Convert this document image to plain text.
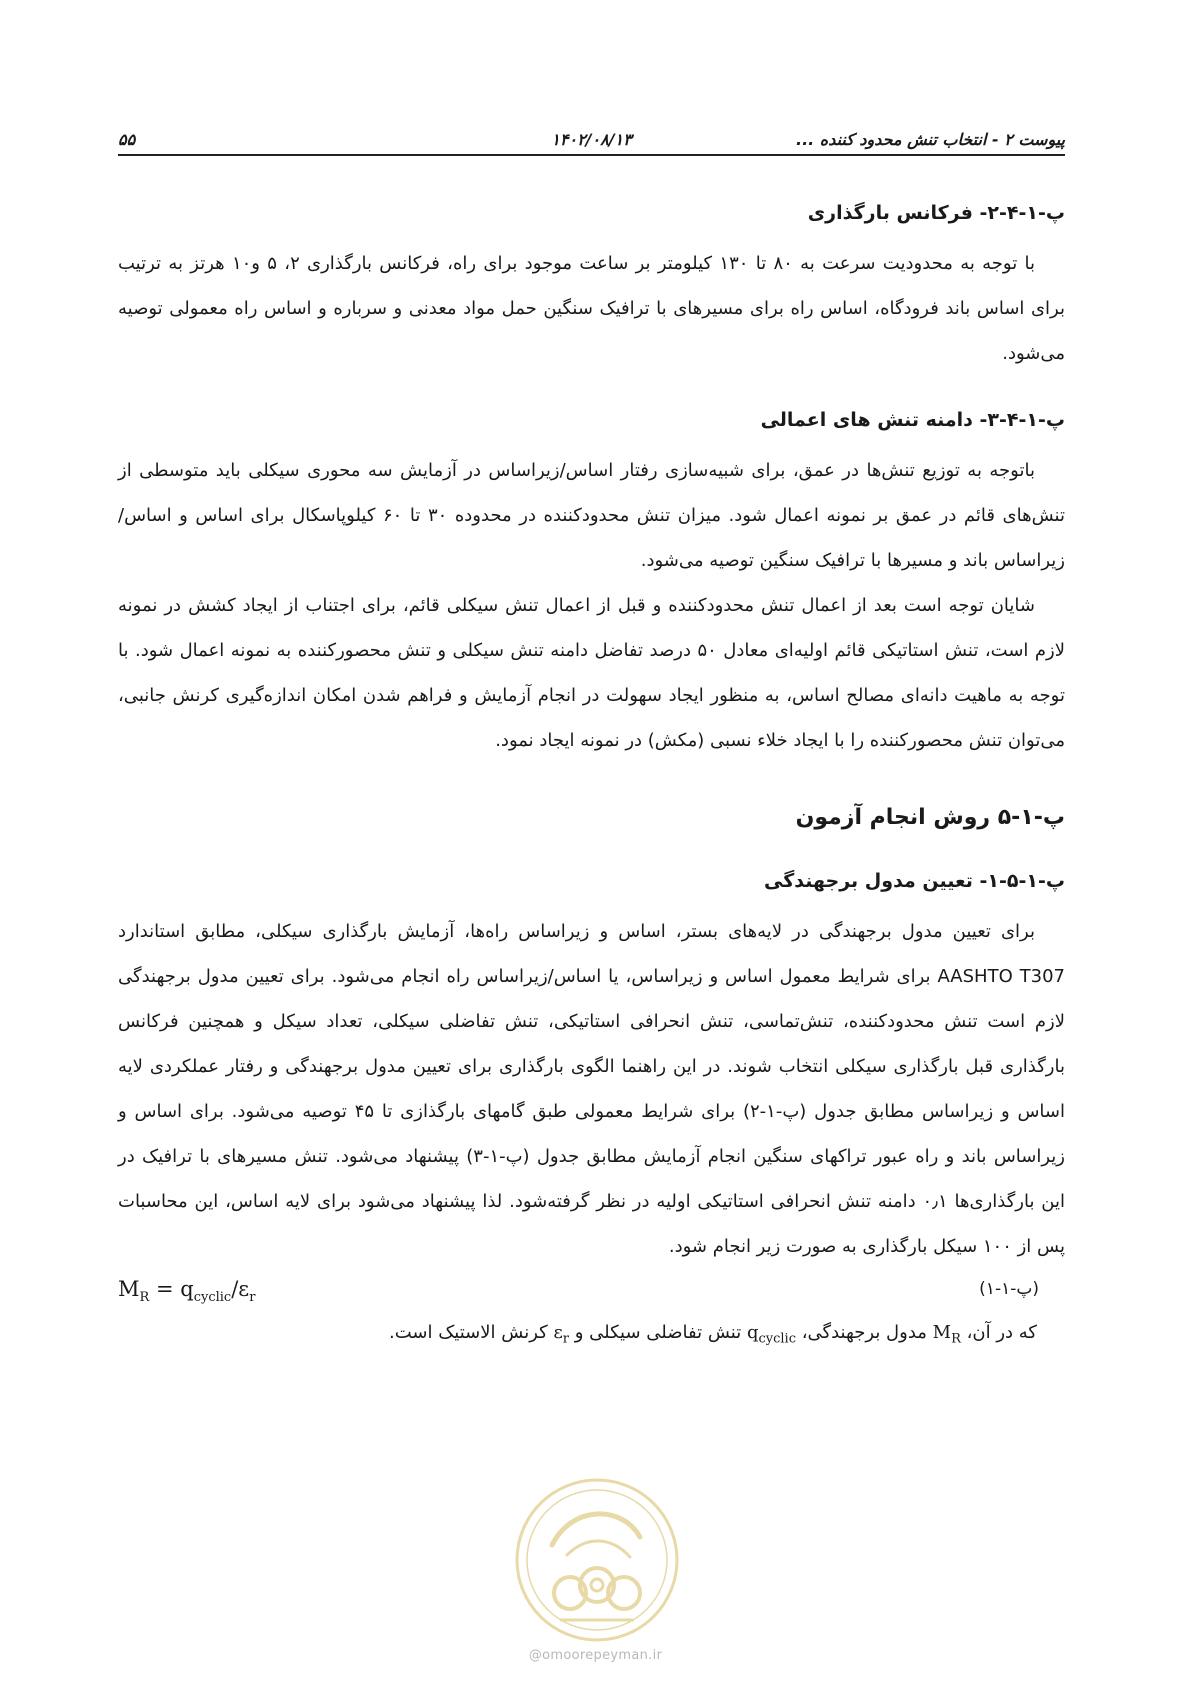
پیوست ۲ - انتخاب تنش محدود کننده ...
۱۴۰۲/۰۸/۱۳
۵۵
پ-۱-۴-۲- فرکانس بارگذاری

با توجه به محدودیت سرعت به ۸۰ تا ۱۳۰ کیلومتر بر ساعت موجود برای راه، فرکانس بارگذاری ۲، ۵ و۱۰ هرتز به ترتیب برای اساس باند فرودگاه، اساس راه برای مسیرهای با ترافیک سنگین حمل مواد معدنی و سرباره و اساس راه معمولی توصیه می‌شود.

پ-۱-۴-۳- دامنه تنش های اعمالی

باتوجه به توزیع تنش‌ها در عمق، برای شبیه‌سازی رفتار اساس/زیراساس در آزمایش سه محوری سیکلی باید متوسطی از تنش‌های قائم در عمق بر نمونه اعمال شود. میزان تنش محدودکننده در محدوده ۳۰ تا ۶۰ کیلوپاسکال برای اساس و اساس/زیراساس باند و مسیرها با ترافیک سنگین توصیه می‌شود.

شایان توجه است بعد از اعمال تنش محدودکننده و قبل از اعمال تنش سیکلی قائم، برای اجتناب از ایجاد کشش در نمونه لازم است، تنش استاتیکی قائم اولیه‌ای معادل ۵۰ درصد تفاضل دامنه تنش سیکلی و تنش محصورکننده به نمونه اعمال شود. با توجه به ماهیت دانه‌ای مصالح اساس، به منظور ایجاد سهولت در انجام آزمایش و فراهم شدن امکان اندازه‌گیری کرنش جانبی، می‌توان تنش محصورکننده را با ایجاد خلاء نسبی (مکش) در نمونه ایجاد نمود.

پ-۱-۵ روش انجام آزمون
پ-۱-۵-۱- تعیین مدول برجهندگی

برای تعیین مدول برجهندگی در لایه‌های بستر، اساس و زیراساس راه‌ها، آزمایش بارگذاری سیکلی، مطابق استاندارد AASHTO T307 برای شرایط معمول اساس و زیراساس، یا اساس/زیراساس راه انجام می‌شود. برای تعیین مدول برجهندگی لازم است تنش محدودکننده، تنش‌تماسی، تنش انحرافی استاتیکی، تنش تفاضلی سیکلی، تعداد سیکل و همچنین فرکانس بارگذاری قبل بارگذاری سیکلی انتخاب شوند. در این راهنما الگوی بارگذاری برای تعیین مدول برجهندگی و رفتار عملکردی لایه اساس و زیراساس مطابق جدول (پ-۱-۲) برای شرایط معمولی طبق گامهای بارگذازی تا ۴۵ توصیه می‌شود. برای اساس و زیراساس باند و راه عبور تراکهای سنگین انجام آزمایش مطابق جدول (پ-۱-۳) پیشنهاد می‌شود. تنش مسیرهای با ترافیک در این بارگذاری‌ها ۰٫۱ دامنه تنش انحرافی استاتیکی اولیه در نظر گرفته‌شود. لذا پیشنهاد می‌شود برای لایه اساس، این محاسبات پس از ۱۰۰ سیکل بارگذاری به صورت زیر انجام شود.

$M_R = q_{cyclic}/\varepsilon_r$	(پ-۱-۱)

که در آن، $M_R$ مدول برجهندگی، $q_{cyclic}$ تنش تفاضلی سیکلی و $\varepsilon_r$ کرنش الاستیک است.

@omoorepeyman.ir
